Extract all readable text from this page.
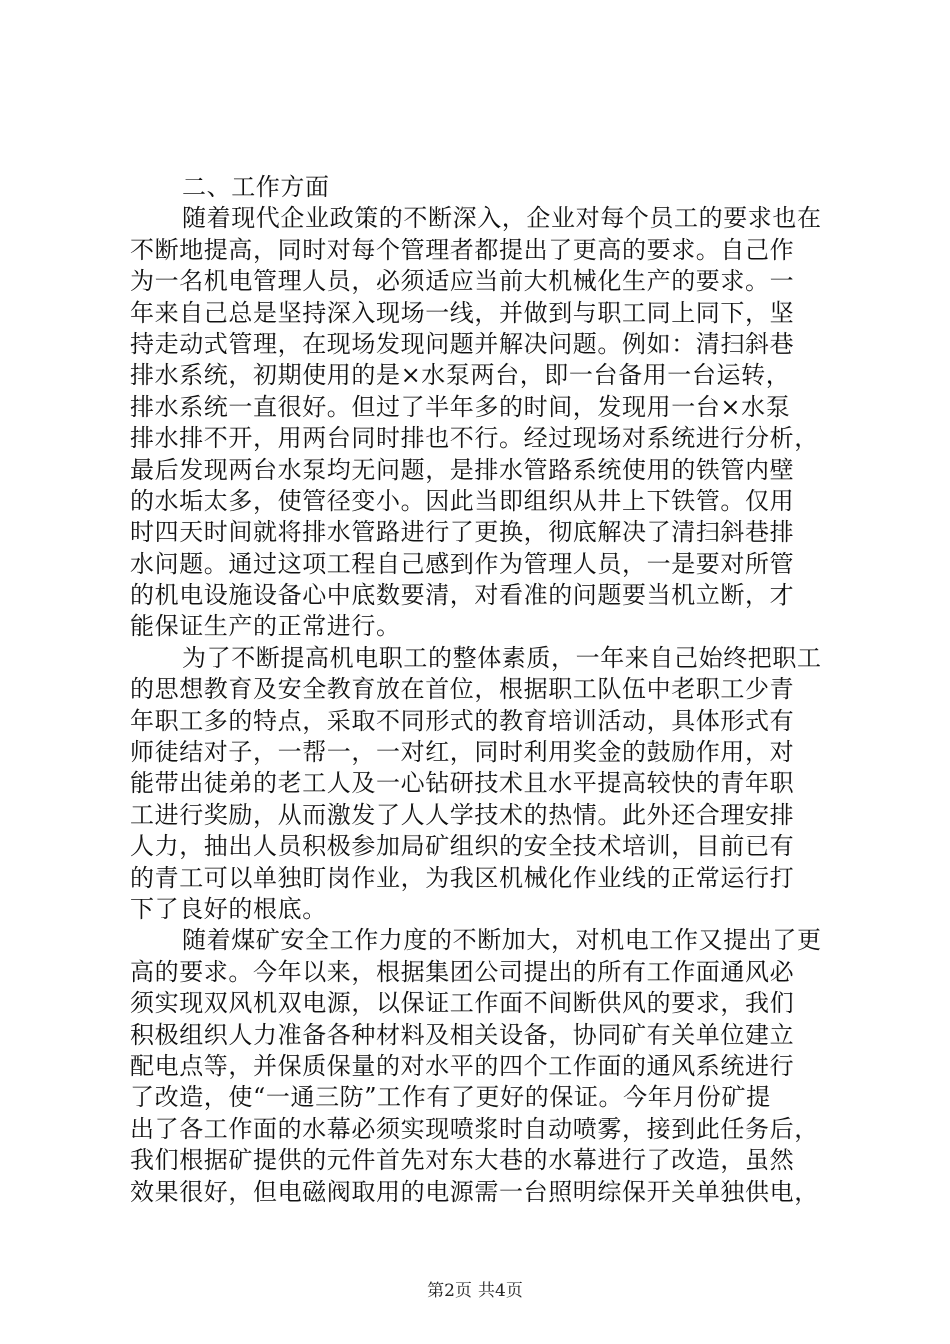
二、工作方面
随着现代企业政策的不断深入，企业对每个员工的要求也在
不断地提高，同时对每个管理者都提出了更高的要求。自己作
为一名机电管理人员，必须适应当前大机械化生产的要求。一
年来自己总是坚持深入现场一线，并做到与职工同上同下，坚
持走动式管理，在现场发现问题并解决问题。例如：清扫斜巷
排水系统，初期使用的是×水泵两台，即一台备用一台运转，
排水系统一直很好。但过了半年多的时间，发现用一台×水泵
排水排不开，用两台同时排也不行。经过现场对系统进行分析，
最后发现两台水泵均无问题，是排水管路系统使用的铁管内壁
的水垢太多，使管径变小。因此当即组织从井上下铁管。仅用
时四天时间就将排水管路进行了更换，彻底解决了清扫斜巷排
水问题。通过这项工程自己感到作为管理人员，一是要对所管
的机电设施设备心中底数要清，对看准的问题要当机立断，才
能保证生产的正常进行。
为了不断提高机电职工的整体素质，一年来自己始终把职工
的思想教育及安全教育放在首位，根据职工队伍中老职工少青
年职工多的特点，采取不同形式的教育培训活动，具体形式有
师徒结对子，一帮一，一对红，同时利用奖金的鼓励作用，对
能带出徒弟的老工人及一心钻研技术且水平提高较快的青年职
工进行奖励，从而激发了人人学技术的热情。此外还合理安排
人力，抽出人员积极参加局矿组织的安全技术培训，目前已有
的青工可以单独盯岗作业，为我区机械化作业线的正常运行打
下了良好的根底。
随着煤矿安全工作力度的不断加大，对机电工作又提出了更
高的要求。今年以来，根据集团公司提出的所有工作面通风必
须实现双风机双电源，以保证工作面不间断供风的要求，我们
积极组织人力准备各种材料及相关设备，协同矿有关单位建立
配电点等，并保质保量的对水平的四个工作面的通风系统进行
了改造，使“一通三防”工作有了更好的保证。今年月份矿提
出了各工作面的水幕必须实现喷浆时自动喷雾，接到此任务后，
我们根据矿提供的元件首先对东大巷的水幕进行了改造，虽然
效果很好，但电磁阀取用的电源需一台照明综保开关单独供电，
第2页 共4页
